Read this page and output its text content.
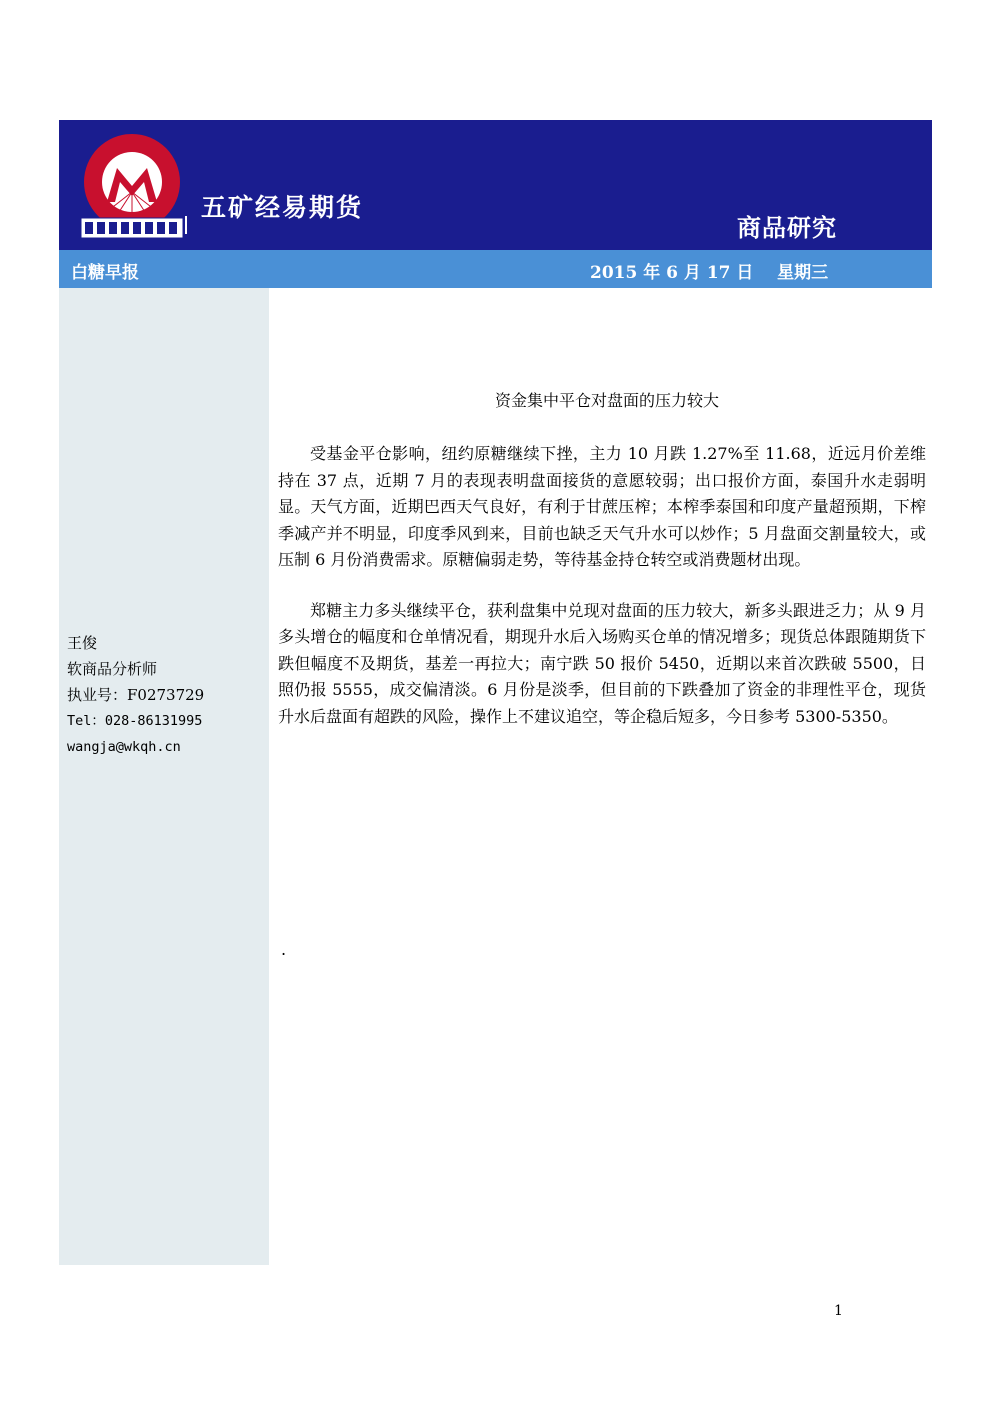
五矿经易期货
商品研究
白糖早报	2015 年 6 月 17 日    星期三
王俊
软商品分析师
执业号：F0273729
Tel：028-86131995
wangja@wkqh.cn
资金集中平仓对盘面的压力较大

受基金平仓影响，纽约原糖继续下挫，主力 10 月跌 1.27%至 11.68，近远月价差维持在 37 点，近期 7 月的表现表明盘面接货的意愿较弱；出口报价方面，泰国升水走弱明显。天气方面，近期巴西天气良好，有利于甘蔗压榨；本榨季泰国和印度产量超预期，下榨季减产并不明显，印度季风到来，目前也缺乏天气升水可以炒作；5 月盘面交割量较大，或压制 6 月份消费需求。原糖偏弱走势，等待基金持仓转空或消费题材出现。

郑糖主力多头继续平仓，获利盘集中兑现对盘面的压力较大，新多头跟进乏力；从 9 月多头增仓的幅度和仓单情况看，期现升水后入场购买仓单的情况增多；现货总体跟随期货下跌但幅度不及期货，基差一再拉大；南宁跌 50 报价 5450，近期以来首次跌破 5500，日照仍报 5555，成交偏清淡。6 月份是淡季，但目前的下跌叠加了资金的非理性平仓，现货升水后盘面有超跌的风险，操作上不建议追空，等企稳后短多，今日参考 5300-5350。

.
1
